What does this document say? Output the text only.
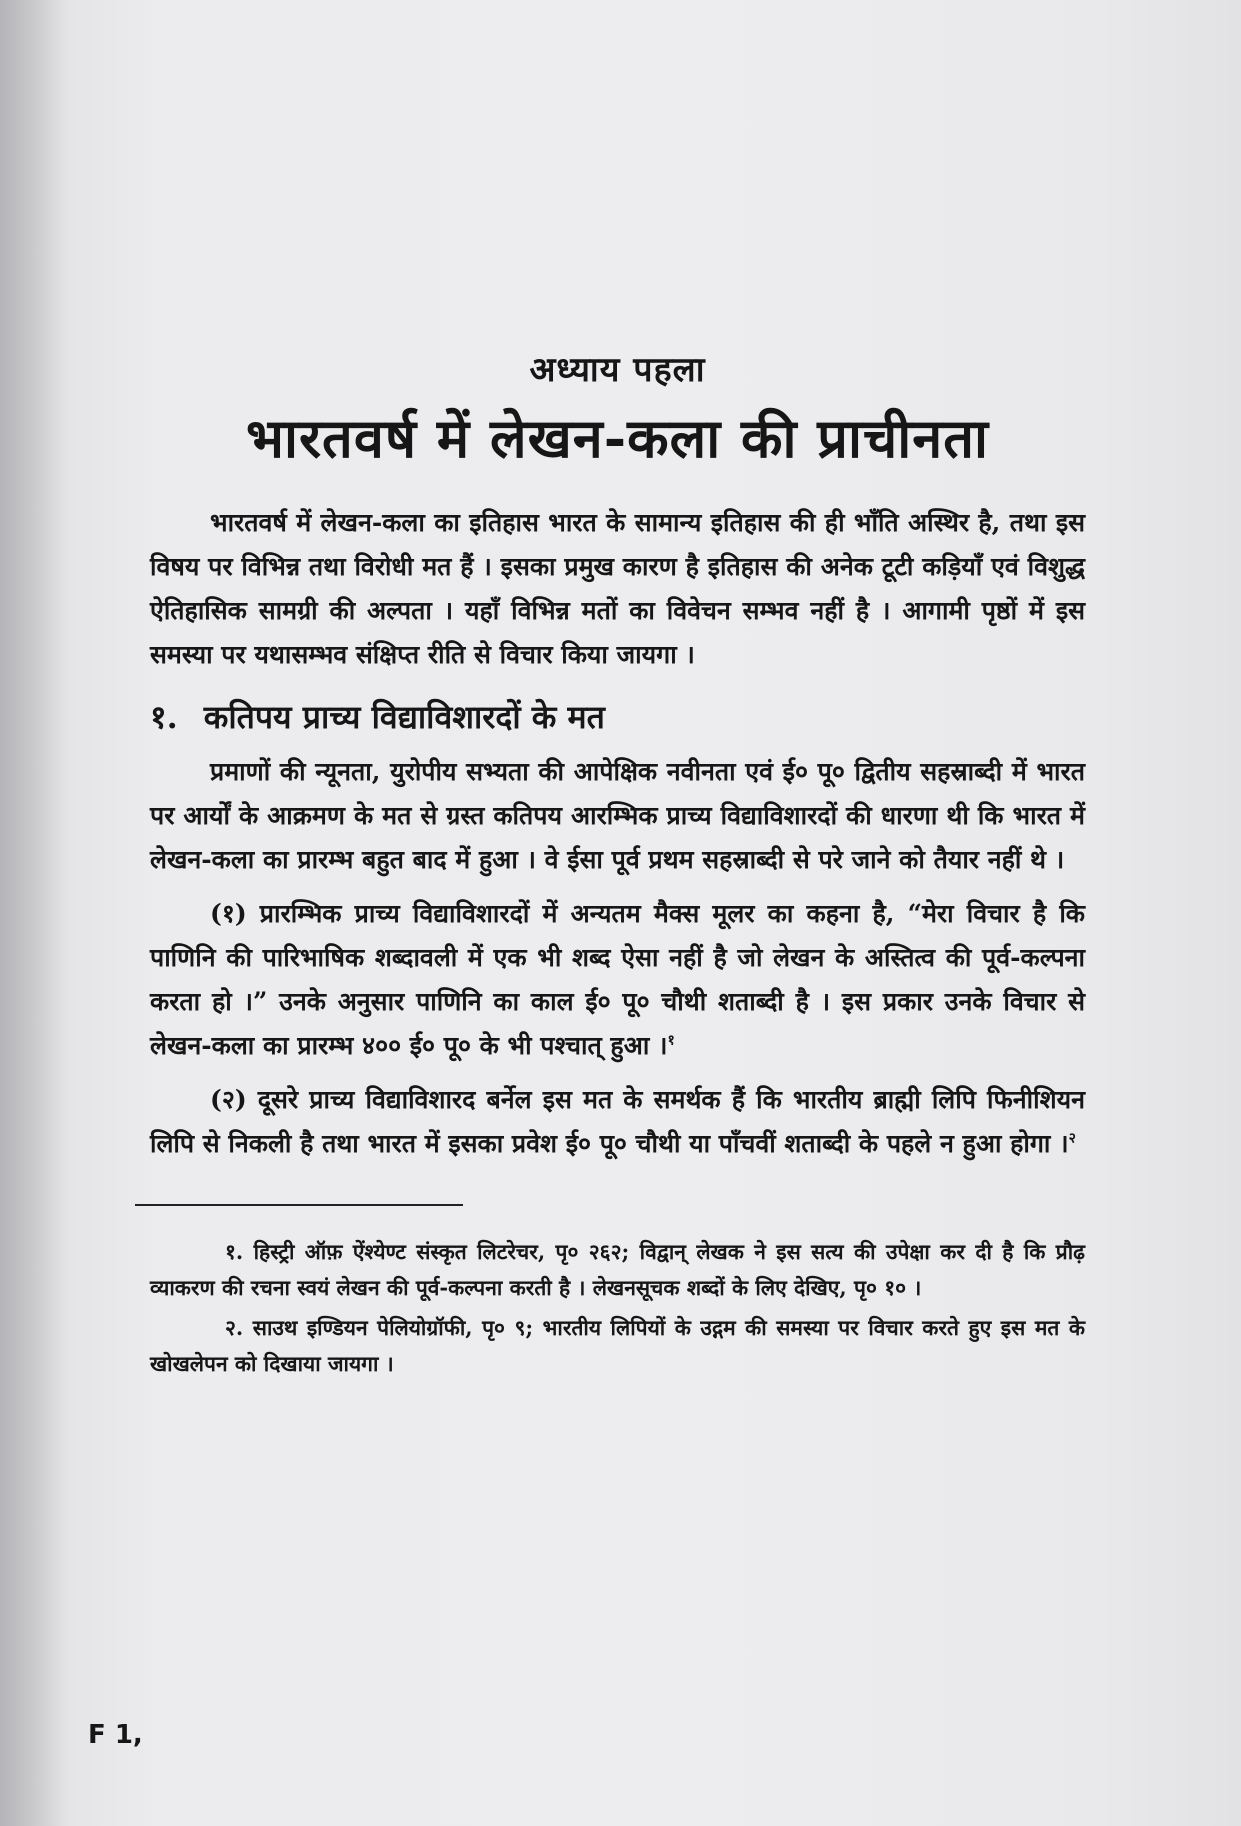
अध्याय पहला
भारतवर्ष में लेखन-कला की प्राचीनता

भारतवर्ष में लेखन-कला का इतिहास भारत के सामान्य इतिहास की ही भाँति अस्थिर है, तथा इस विषय पर विभिन्न तथा विरोधी मत हैं । इसका प्रमुख कारण है इतिहास की अनेक टूटी कड़ियाँ एवं विशुद्ध ऐतिहासिक सामग्री की अल्पता । यहाँ विभिन्न मतों का विवेचन सम्भव नहीं है । आगामी पृष्ठों में इस समस्या पर यथासम्भव संक्षिप्त रीति से विचार किया जायगा ।

१. कतिपय प्राच्य विद्याविशारदों के मत

प्रमाणों की न्यूनता, युरोपीय सभ्यता की आपेक्षिक नवीनता एवं ई० पू० द्वितीय सहस्राब्दी में भारत पर आर्यों के आक्रमण के मत से ग्रस्त कतिपय आरम्भिक प्राच्य विद्याविशारदों की धारणा थी कि भारत में लेखन-कला का प्रारम्भ बहुत बाद में हुआ । वे ईसा पूर्व प्रथम सहस्राब्दी से परे जाने को तैयार नहीं थे ।

(१) प्रारम्भिक प्राच्य विद्याविशारदों में अन्यतम मैक्स मूलर का कहना है, “मेरा विचार है कि पाणिनि की पारिभाषिक शब्दावली में एक भी शब्द ऐसा नहीं है जो लेखन के अस्तित्व की पूर्व-कल्पना करता हो ।” उनके अनुसार पाणिनि का काल ई० पू० चौथी शताब्दी है । इस प्रकार उनके विचार से लेखन-कला का प्रारम्भ ४०० ई० पू० के भी पश्चात् हुआ ।$^१$

(२) दूसरे प्राच्य विद्याविशारद बर्नेल इस मत के समर्थक हैं कि भारतीय ब्राह्मी लिपि फिनीशियन लिपि से निकली है तथा भारत में इसका प्रवेश ई० पू० चौथी या पाँचवीं शताब्दी के पहले न हुआ होगा ।$^२$

१. हिस्ट्री ऑफ़ ऐंश्येण्ट संस्कृत लिटरेचर, पृ० २६२; विद्वान् लेखक ने इस सत्य की उपेक्षा कर दी है कि प्रौढ़ व्याकरण की रचना स्वयं लेखन की पूर्व-कल्पना करती है । लेखनसूचक शब्दों के लिए देखिए, पृ० १० ।

२. साउथ इण्डियन पेलियोग्रॉफी, पृ० ९; भारतीय लिपियों के उद्गम की समस्या पर विचार करते हुए इस मत के खोखलेपन को दिखाया जायगा ।

F 1,
